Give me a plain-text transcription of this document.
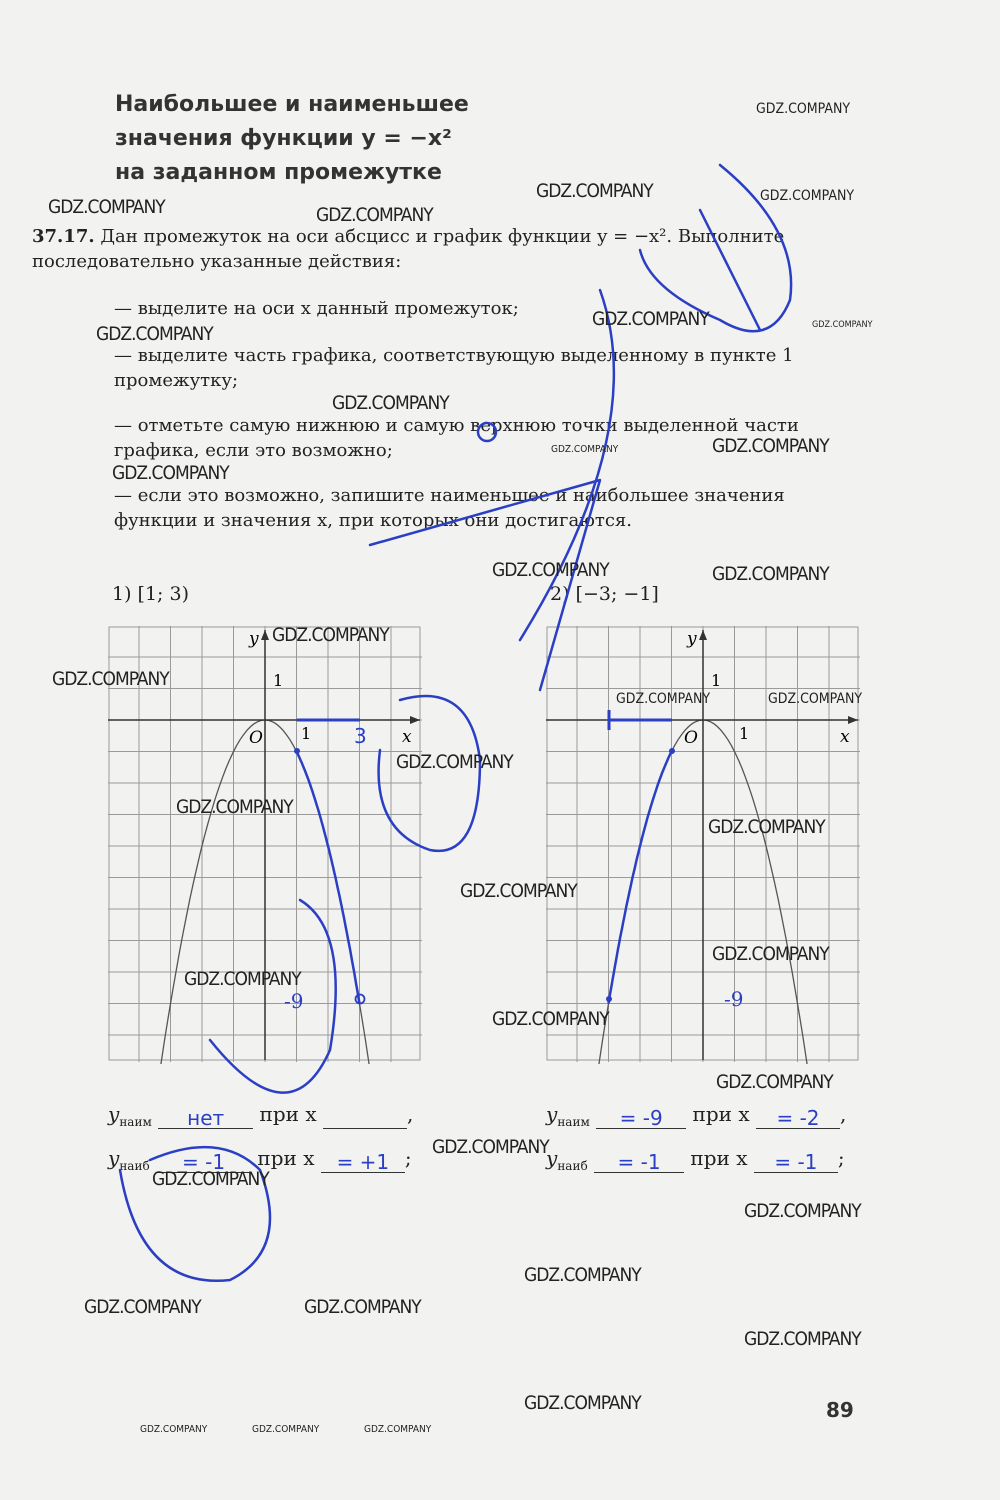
Наибольшее и наименьшее
значения функции y = −x²
на заданном промежутке
37.17. Дан промежуток на оси абсцисс и график функции y = −x². Выполните последовательно указанные действия:
— выделите на оси x данный промежуток;
— выделите часть графика, соответствующую выделенному в пункте 1 промежутку;
— отметьте самую нижнюю и самую верхнюю точки выделенной части графика, если это возможно;
— если это возможно, запишите наименьшее и наибольшее значения функции и значения x, при которых они достигаются.
1) [1; 3)	2) [−3; −1]
y
x
1
1
O	3
-9
y
x
1
1
O
-9
$y_{наим}$ нет при x	,
$y_{наиб} = -1$ при x = +1 ;
$y_{наим} = -9$ при x = -2 ,
$y_{наиб} = -1$ при x = -1 ;
GDZ.COMPANY	GDZ.COMPANY
GDZ.COMPANY
GDZ.COMPANY
GDZ.COMPANY
GDZ.COMPANY
GDZ.COMPANY	GDZ.COMPANY
GDZ.COMPANY
GDZ.COMPANY	GDZ.COMPANY
GDZ.COMPANY
GDZ.COMPANY	GDZ.COMPANY
GDZ.COMPANY
GDZ.COMPANY
GDZ.COMPANY	GDZ.COMPANY
GDZ.COMPANY
GDZ.COMPANY
GDZ.COMPANY
GDZ.COMPANY
GDZ.COMPANY
GDZ.COMPANY
GDZ.COMPANY
GDZ.COMPANY
GDZ.COMPANY
GDZ.COMPANY
GDZ.COMPANY
GDZ.COMPANY
GDZ.COMPANY	GDZ.COMPANY
GDZ.COMPANY
GDZ.COMPANY
GDZ.COMPANY	GDZ.COMPANY	GDZ.COMPANY
89
